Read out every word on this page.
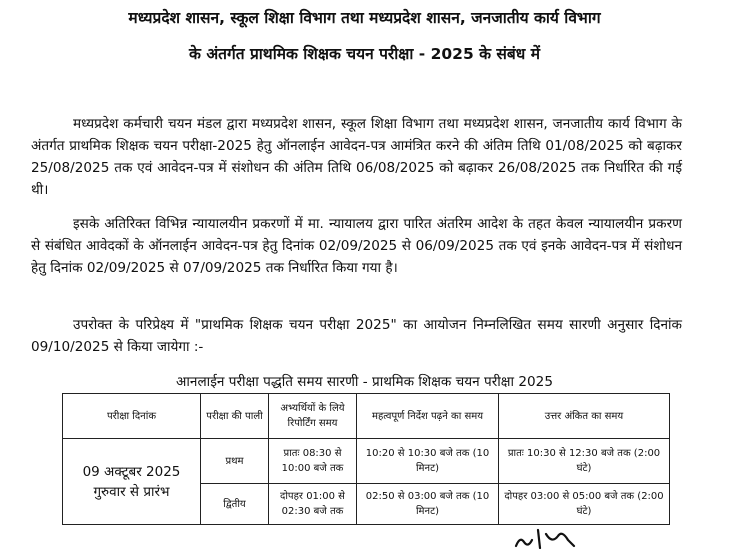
मध्यप्रदेश शासन, स्कूल शिक्षा विभाग तथा मध्यप्रदेश शासन, जनजातीय कार्य विभाग
के अंतर्गत प्राथमिक शिक्षक चयन परीक्षा - 2025 के संबंध में
मध्यप्रदेश कर्मचारी चयन मंडल द्वारा मध्यप्रदेश शासन, स्कूल शिक्षा विभाग तथा मध्यप्रदेश शासन, जनजातीय कार्य विभाग के अंतर्गत प्राथमिक शिक्षक चयन परीक्षा-2025 हेतु ऑनलाईन आवेदन-पत्र आमंत्रित करने की अंतिम तिथि 01/08/2025 को बढ़ाकर 25/08/2025 तक एवं आवेदन-पत्र में संशोधन की अंतिम तिथि 06/08/2025 को बढ़ाकर 26/08/2025 तक निर्धारित की गई थी।
इसके अतिरिक्त विभिन्न न्यायालयीन प्रकरणों में मा. न्यायालय द्वारा पारित अंतरिम आदेश के तहत केवल न्यायालयीन प्रकरण से संबंधित आवेदकों के ऑनलाईन आवेदन-पत्र हेतु दिनांक 02/09/2025 से 06/09/2025 तक एवं इनके आवेदन-पत्र में संशोधन हेतु दिनांक 02/09/2025 से 07/09/2025 तक निर्धारित किया गया है।
उपरोक्त के परिप्रेक्ष्य में "प्राथमिक शिक्षक चयन परीक्षा 2025" का आयोजन निम्नलिखित समय सारणी अनुसार दिनांक 09/10/2025 से किया जायेगा :-
आनलाईन परीक्षा पद्धति समय सारणी - प्राथमिक शिक्षक चयन परीक्षा 2025
परीक्षा दिनांक	परीक्षा की पाली	अभ्यर्थियों के लिये रिपोर्टिंग समय	महत्वपूर्ण निर्देश पढ़ने का समय	उत्तर अंकित का समय

09 अक्टूबर 2025
गुरुवार से प्रारंभ	प्रथम	प्रातः 08:30 से 10:00 बजे तक	10:20 से 10:30 बजे तक (10 मिनट)	प्रातः 10:30 से 12:30 बजे तक (2:00 घंटे)
	द्वितीय	दोपहर 01:00 से 02:30 बजे तक	02:50 से 03:00 बजे तक (10 मिनट)	दोपहर 03:00 से 05:00 बजे तक (2:00 घंटे)
